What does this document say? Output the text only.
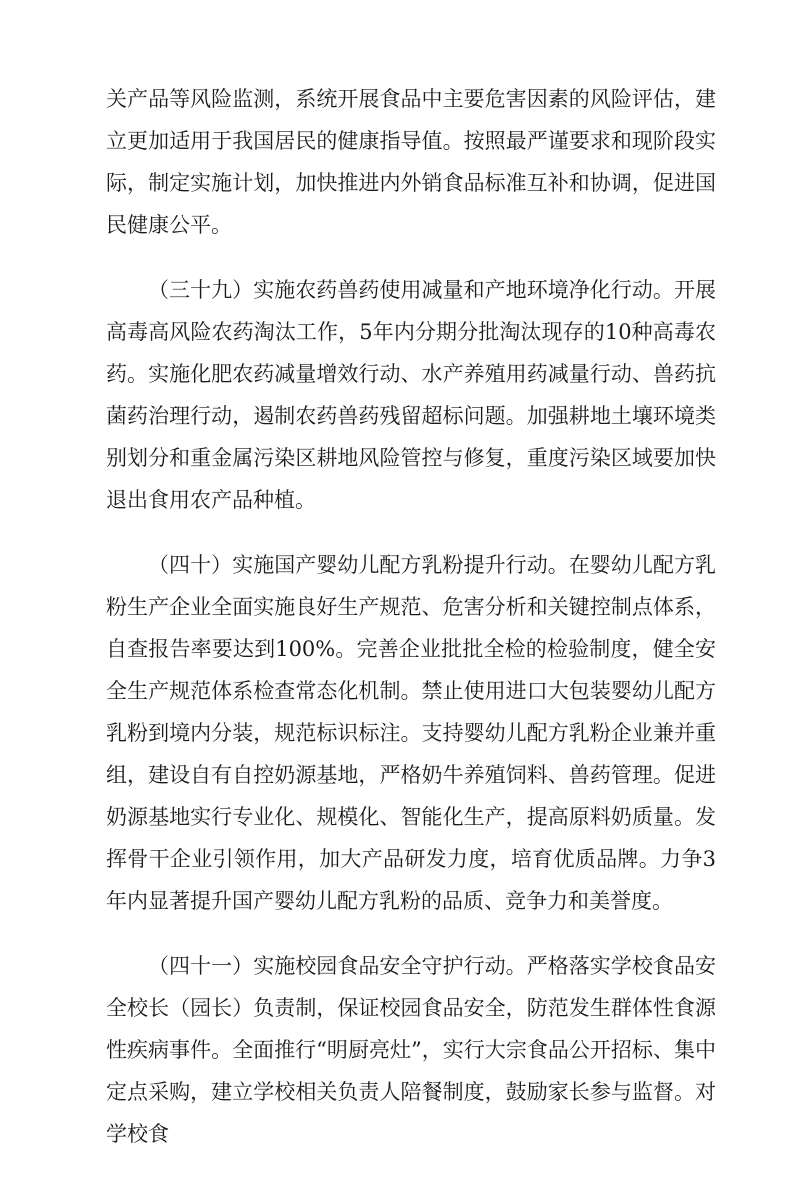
关产品等风险监测，系统开展食品中主要危害因素的风险评估，建立更加适用于我国居民的健康指导值。按照最严谨要求和现阶段实际，制定实施计划，加快推进内外销食品标准互补和协调，促进国民健康公平。

（三十九）实施农药兽药使用减量和产地环境净化行动。开展高毒高风险农药淘汰工作，5年内分期分批淘汰现存的10种高毒农药。实施化肥农药减量增效行动、水产养殖用药减量行动、兽药抗菌药治理行动，遏制农药兽药残留超标问题。加强耕地土壤环境类别划分和重金属污染区耕地风险管控与修复，重度污染区域要加快退出食用农产品种植。

（四十）实施国产婴幼儿配方乳粉提升行动。在婴幼儿配方乳粉生产企业全面实施良好生产规范、危害分析和关键控制点体系，自查报告率要达到100%。完善企业批批全检的检验制度，健全安全生产规范体系检查常态化机制。禁止使用进口大包装婴幼儿配方乳粉到境内分装，规范标识标注。支持婴幼儿配方乳粉企业兼并重组，建设自有自控奶源基地，严格奶牛养殖饲料、兽药管理。促进奶源基地实行专业化、规模化、智能化生产，提高原料奶质量。发挥骨干企业引领作用，加大产品研发力度，培育优质品牌。力争3年内显著提升国产婴幼儿配方乳粉的品质、竞争力和美誉度。

（四十一）实施校园食品安全守护行动。严格落实学校食品安全校长（园长）负责制，保证校园食品安全，防范发生群体性食源性疾病事件。全面推行“明厨亮灶”，实行大宗食品公开招标、集中定点采购，建立学校相关负责人陪餐制度，鼓励家长参与监督。对学校食
